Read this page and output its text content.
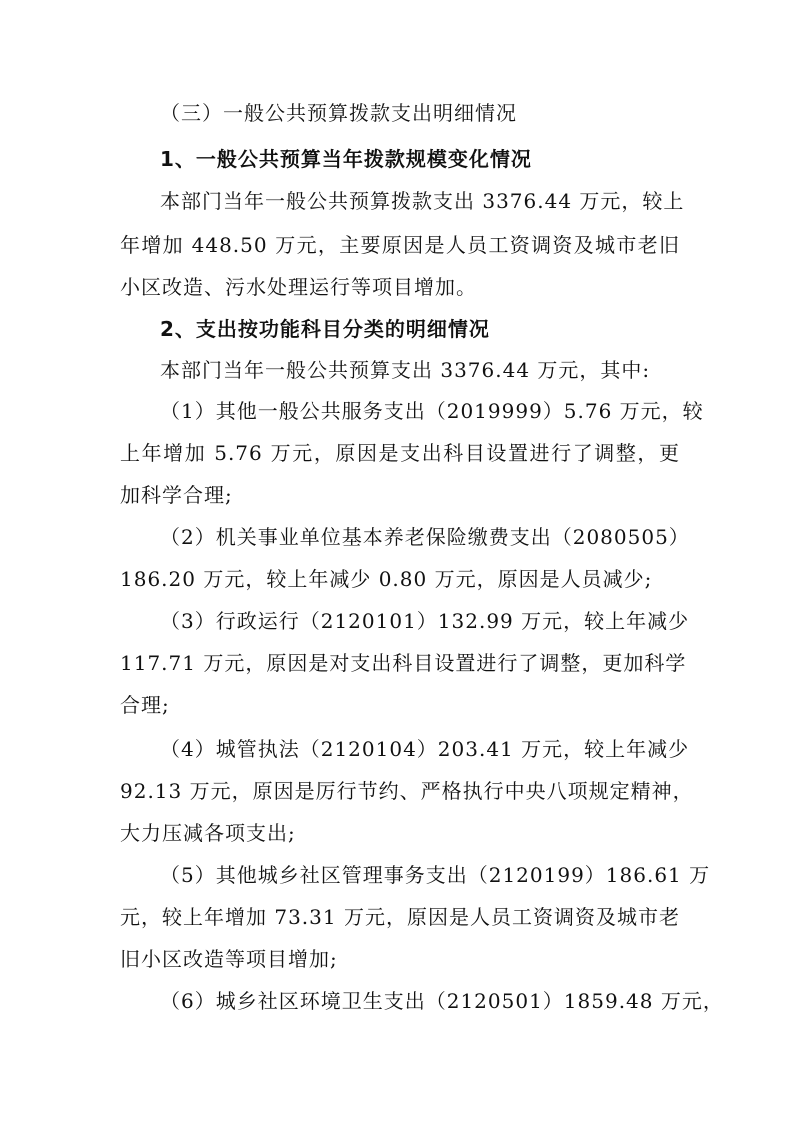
（三）一般公共预算拨款支出明细情况
1、一般公共预算当年拨款规模变化情况
本部门当年一般公共预算拨款支出 3376.44 万元，较上
年增加 448.50 万元，主要原因是人员工资调资及城市老旧
小区改造、污水处理运行等项目增加。
2、支出按功能科目分类的明细情况
本部门当年一般公共预算支出 3376.44 万元，其中:
（1）其他一般公共服务支出（2019999）5.76 万元，较
上年增加 5.76 万元，原因是支出科目设置进行了调整，更
加科学合理;
（2）机关事业单位基本养老保险缴费支出（2080505）
186.20 万元，较上年减少 0.80 万元，原因是人员减少;
（3）行政运行（2120101）132.99 万元，较上年减少
117.71 万元，原因是对支出科目设置进行了调整，更加科学
合理;
（4）城管执法（2120104）203.41 万元，较上年减少
92.13 万元，原因是厉行节约、严格执行中央八项规定精神，
大力压减各项支出;
（5）其他城乡社区管理事务支出（2120199）186.61 万
元，较上年增加 73.31 万元，原因是人员工资调资及城市老
旧小区改造等项目增加;
（6）城乡社区环境卫生支出（2120501）1859.48 万元，
